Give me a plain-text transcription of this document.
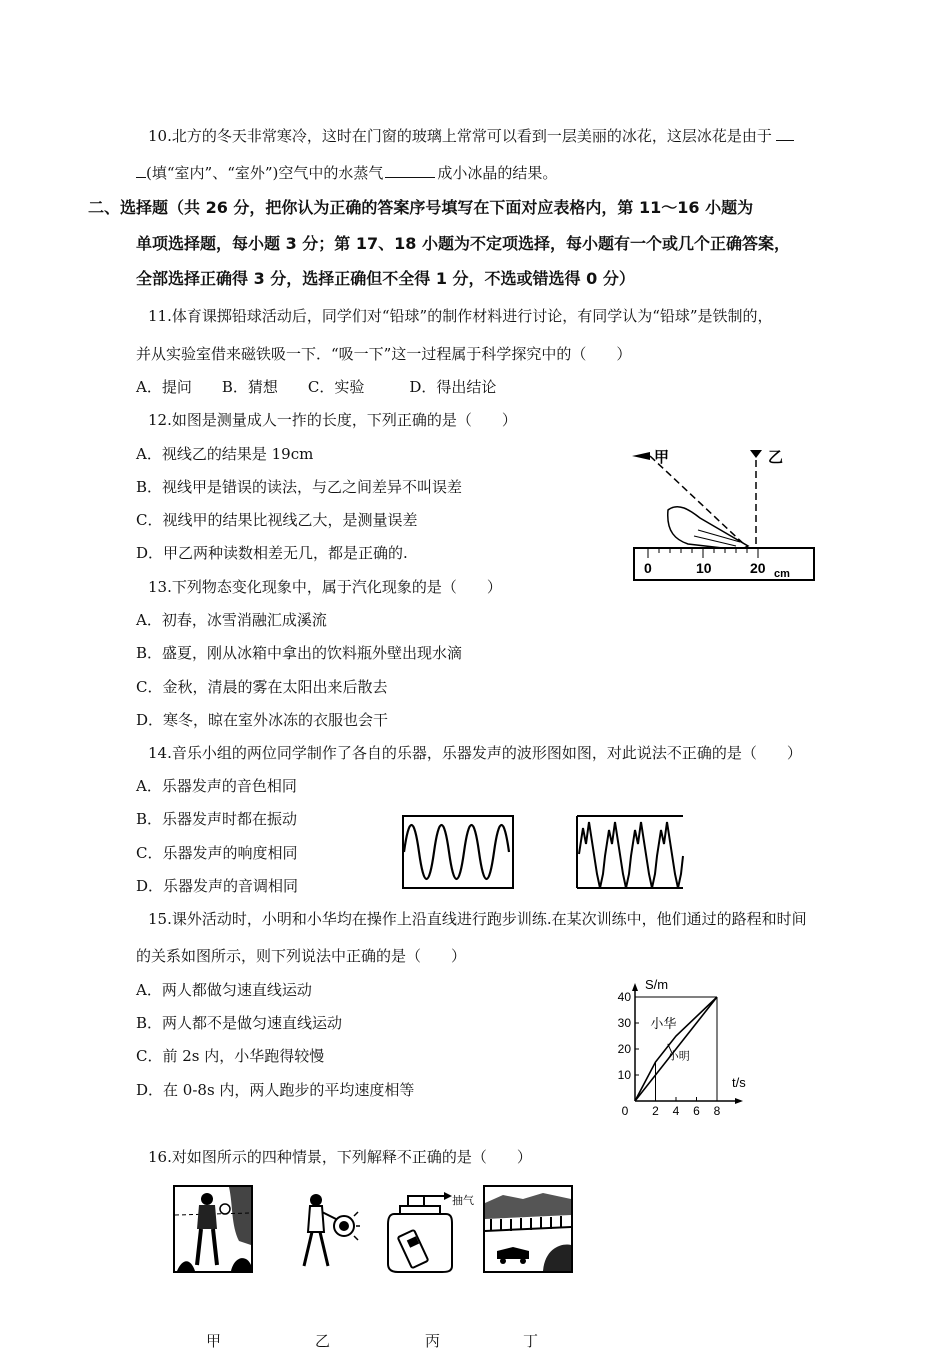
10.北方的冬天非常寒冷，这时在门窗的玻璃上常常可以看到一层美丽的冰花，这层冰花是由于
(填“室内”、“室外”)空气中的水蒸气	成小冰晶的结果。
二、选择题（共 26 分，把你认为正确的答案序号填写在下面对应表格内，第 11～16 小题为
单项选择题，每小题 3 分；第 17、18 小题为不定项选择，每小题有一个或几个正确答案，
全部选择正确得 3 分，选择正确但不全得 1 分，不选或错选得 0 分）
11.体育课掷铅球活动后，同学们对“铅球”的制作材料进行讨论，有同学认为“铅球”是铁制的，
并从实验室借来磁铁吸一下．“吸一下”这一过程属于科学探究中的（　　）
A．提问　　B．猜想　　C．实验　　　D．得出结论
12.如图是测量成人一拃的长度，下列正确的是（　　）
A．视线乙的结果是 19cm
B．视线甲是错误的读法，与乙之间差异不叫误差
C．视线甲的结果比视线乙大，是测量误差
D．甲乙两种读数相差无几，都是正确的.
甲	乙
0	10	20 cm
13.下列物态变化现象中，属于汽化现象的是（　　）
A．初春，冰雪消融汇成溪流
B．盛夏，刚从冰箱中拿出的饮料瓶外壁出现水滴
C．金秋，清晨的雾在太阳出来后散去
D．寒冬，晾在室外冰冻的衣服也会干
14.音乐小组的两位同学制作了各自的乐器，乐器发声的波形图如图，对此说法不正确的是（　　）
A．乐器发声的音色相同
B．乐器发声时都在振动
C．乐器发声的响度相同
D．乐器发声的音调相同
15.课外活动时，小明和小华均在操作上沿直线进行跑步训练.在某次训练中，他们通过的路程和时间
的关系如图所示，则下列说法中正确的是（　　）
A．两人都做匀速直线运动
B．两人都不是做匀速直线运动
C．前 2s 内，小华跑得较慢
D．在 0-8s 内，两人跑步的平均速度相等
S/m
t/s
10
20
30
40
0 2 4 6 8
小华
小明
16.对如图所示的四种情景，下列解释不正确的是（　　）
抽气
甲	乙	丙	丁
